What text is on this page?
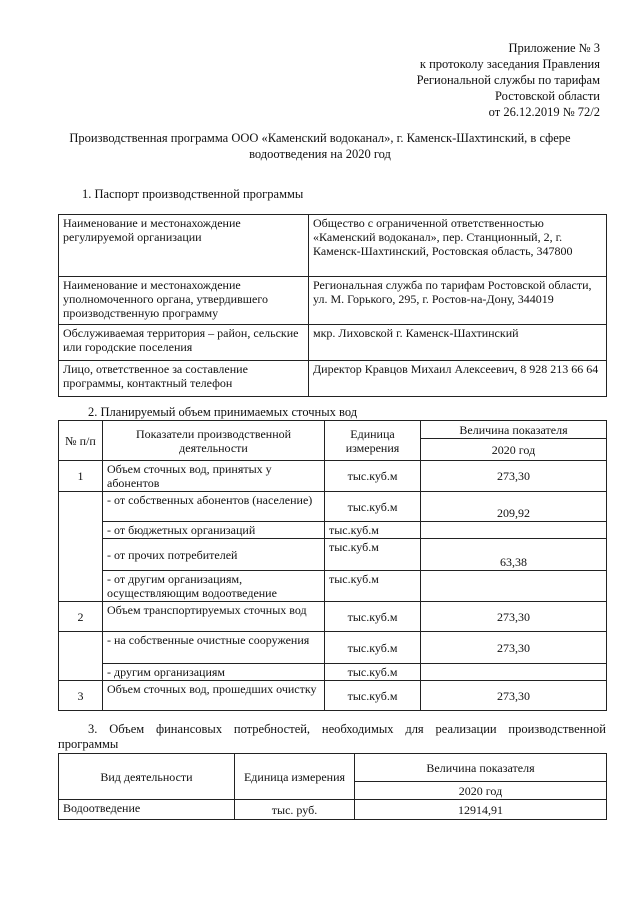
Приложение № 3
к протоколу заседания Правления
Региональной службы по тарифам
Ростовской области
от 26.12.2019 № 72/2
Производственная программа ООО «Каменский водоканал», г. Каменск-Шахтинский, в сфере
водоотведения на 2020 год
1. Паспорт производственной программы
Наименование и местонахождение регулируемой организации	Общество с ограниченной ответственностью «Каменский водоканал», пер. Станционный, 2, г. Каменск-Шахтинский, Ростовская область, 347800
Наименование и местонахождение уполномоченного органа, утвердившего производственную программу	Региональная служба по тарифам Ростовской области, ул. М. Горького, 295, г. Ростов-на-Дону, 344019
Обслуживаемая территория – район, сельские или городские поселения	мкр. Лиховской г. Каменск-Шахтинский
Лицо, ответственное за составление программы, контактный телефон	Директор Кравцов Михаил Алексеевич, 8 928 213 66 64
2. Планируемый объем принимаемых сточных вод
№ п/п	Показатели производственной деятельности	Единица измерения	Величина показателя
			2020 год
1	Объем сточных вод, принятых у абонентов	тыс.куб.м	273,30
	- от собственных абонентов (население)	тыс.куб.м	209,92
	- от бюджетных организаций	тыс.куб.м	
	- от прочих потребителей	тыс.куб.м	63,38
	- от другим организациям, осуществляющим водоотведение	тыс.куб.м	
2	Объем транспортируемых сточных вод	тыс.куб.м	273,30
	- на собственные очистные сооружения	тыс.куб.м	273,30
	- другим организациям	тыс.куб.м	
3	Объем сточных вод, прошедших очистку	тыс.куб.м	273,30
3. Объем финансовых потребностей, необходимых для реализации производственной программы
Вид деятельности	Единица измерения	Величина показателя
		2020 год
Водоотведение	тыс. руб.	12914,91
